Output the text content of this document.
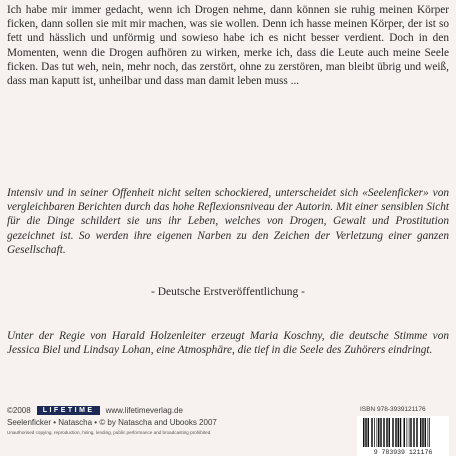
Ich habe mir immer gedacht, wenn ich Drogen nehme, dann können sie ruhig meinen Körper ficken, dann sollen sie mit mir machen, was sie wollen. Denn ich hasse meinen Körper, der ist so fett und hässlich und unförmig und sowieso habe ich es nicht besser verdient. Doch in den Momenten, wenn die Drogen aufhören zu wirken, merke ich, dass die Leute auch meine Seele ficken. Das tut weh, nein, mehr noch, das zerstört, ohne zu zerstören, man bleibt übrig und weiß, dass man kaputt ist, unheilbar und dass man damit leben muss ...

Intensiv und in seiner Offenheit nicht selten schockiered, unterscheidet sich «Seelenficker» von vergleichbaren Berichten durch das hohe Reflexionsniveau der Autorin. Mit einer sensiblen Sicht für die Dinge schildert sie uns ihr Leben, welches von Drogen, Gewalt und Prostitution gezeichnet ist. So werden ihre eigenen Narben zu den Zeichen der Verletzung einer ganzen Gesellschaft.

- Deutsche Erstveröffentlichung -

Unter der Regie von Harald Holzenleiter erzeugt Maria Koschny, die deutsche Stimme von Jessica Biel und Lindsay Lohan, eine Atmosphäre, die tief in die Seele des Zuhörers eindringt.

©2008	LIFETIME	www.lifetimeverlag.de
Seelenficker • Natascha • © by Natascha and Ubooks 2007
Unauthorised copying, reproduction, hiring, lending, public performance and broadcasting prohibited.
ISBN 978-3939121176
9 783939 121176
